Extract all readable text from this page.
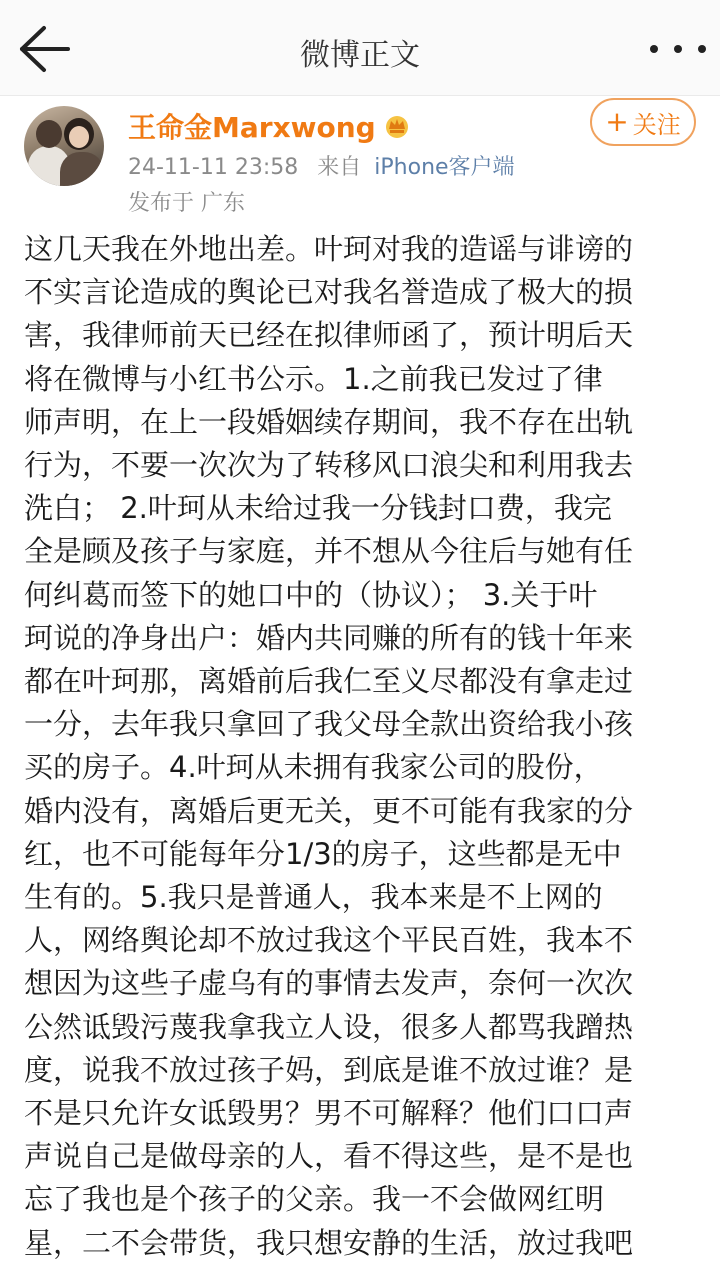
微博正文
王命金Marxwong
24-11-11 23:58 来自 iPhone客户端
发布于 广东
+ 关注
这几天我在外地出差。叶珂对我的造谣与诽谤的
不实言论造成的舆论已对我名誉造成了极大的损
害，我律师前天已经在拟律师函了，预计明后天
将在微博与小红书公示。1.之前我已发过了律
师声明，在上一段婚姻续存期间，我不存在出轨
行为，不要一次次为了转移风口浪尖和利用我去
洗白； 2.叶珂从未给过我一分钱封口费，我完
全是顾及孩子与家庭，并不想从今往后与她有任
何纠葛而签下的她口中的（协议）； 3.关于叶
珂说的净身出户：婚内共同赚的所有的钱十年来
都在叶珂那，离婚前后我仁至义尽都没有拿走过
一分，去年我只拿回了我父母全款出资给我小孩
买的房子。4.叶珂从未拥有我家公司的股份，
婚内没有，离婚后更无关，更不可能有我家的分
红，也不可能每年分1/3的房子，这些都是无中
生有的。5.我只是普通人，我本来是不上网的
人，网络舆论却不放过我这个平民百姓，我本不
想因为这些子虚乌有的事情去发声，奈何一次次
公然诋毁污蔑我拿我立人设，很多人都骂我蹭热
度，说我不放过孩子妈，到底是谁不放过谁？是
不是只允许女诋毁男？男不可解释？他们口口声
声说自己是做母亲的人，看不得这些，是不是也
忘了我也是个孩子的父亲。我一不会做网红明
星，二不会带货，我只想安静的生活，放过我吧
